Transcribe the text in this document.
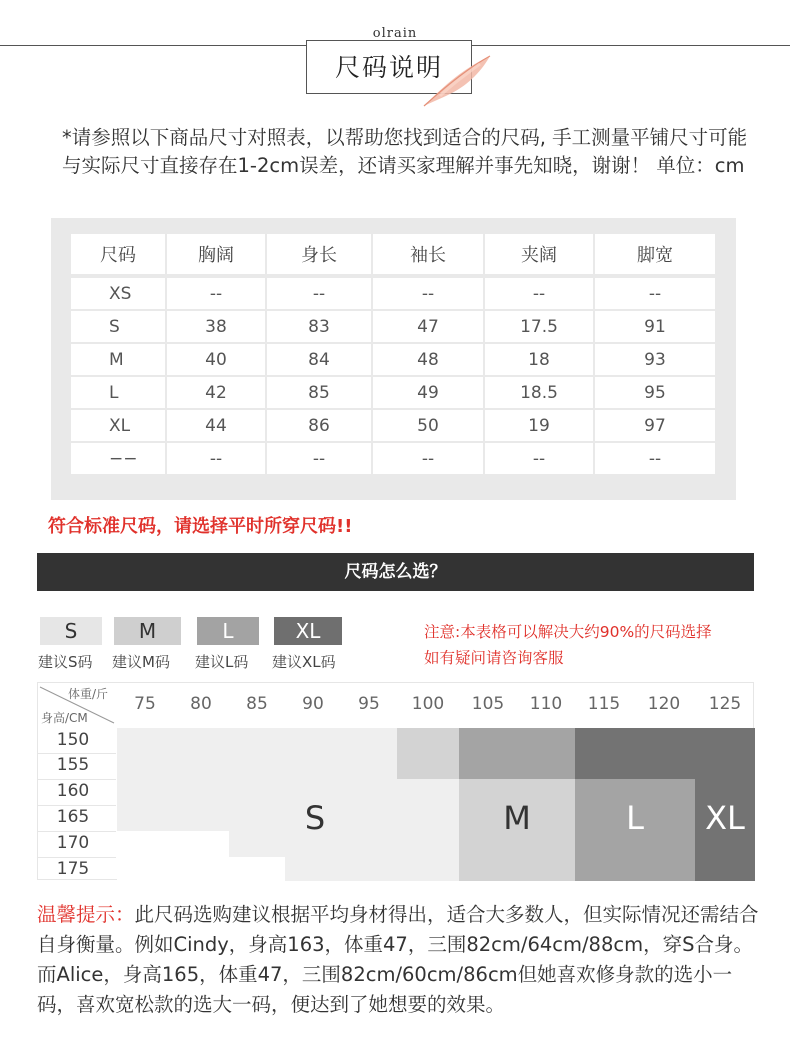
olrain
尺码说明
*请参照以下商品尺寸对照表，以帮助您找到适合的尺码, 手工测量平铺尺寸可能与实际尺寸直接存在1-2cm误差，还请买家理解并事先知晓，谢谢！ 单位：cm
尺码	胸阔	身长	袖长	夹阔	脚宽
XS	--	--	--	--	--
S	38	83	47	17.5	91
M	40	84	48	18	93
L	42	85	49	18.5	95
XL	44	86	50	19	97
−−	--	--	--	--	--
符合标准尺码，请选择平时所穿尺码!!
尺码怎么选？
S
建议S码
M
建议M码
L
建议L码
XL
建议XL码
注意:本表格可以解决大约90%的尺码选择
如有疑问请咨询客服
体重/斤
身高/CM
75	80	85	90	95	100	105	110	115	120	125
150
155
160
165
170
175
S	M	L	XL
温馨提示：此尺码选购建议根据平均身材得出，适合大多数人，但实际情况还需结合自身衡量。例如Cindy，身高163，体重47，三围82cm/64cm/88cm，穿S合身。而Alice，身高165，体重47，三围82cm/60cm/86cm但她喜欢修身款的选小一码，喜欢宽松款的选大一码，便达到了她想要的效果。
